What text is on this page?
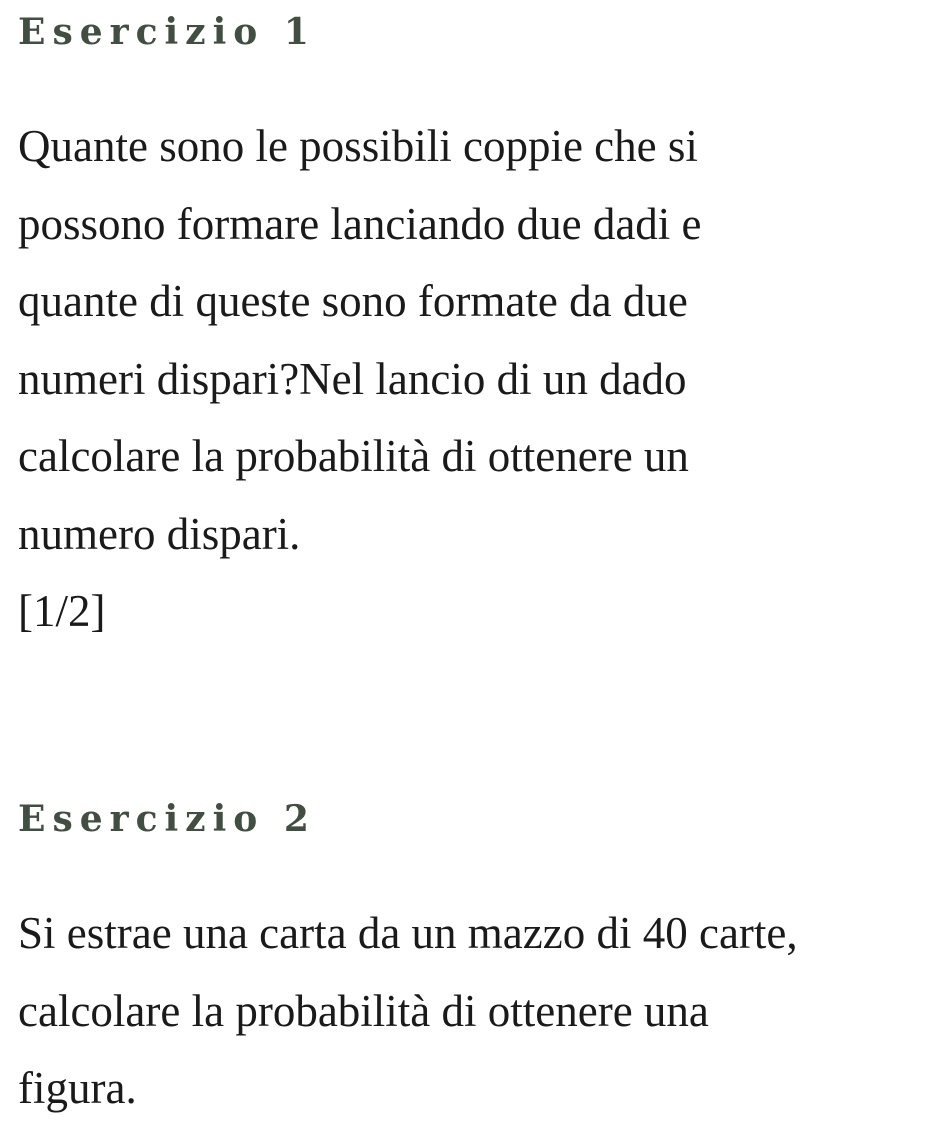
Esercizio 1
Quante sono le possibili coppie che si
possono formare lanciando due dadi e
quante di queste sono formate da due
numeri dispari?Nel lancio di un dado
calcolare la probabilità di ottenere un
numero dispari.
[1/2]
Esercizio 2
Si estrae una carta da un mazzo di 40 carte,
calcolare la probabilità di ottenere una
figura.
